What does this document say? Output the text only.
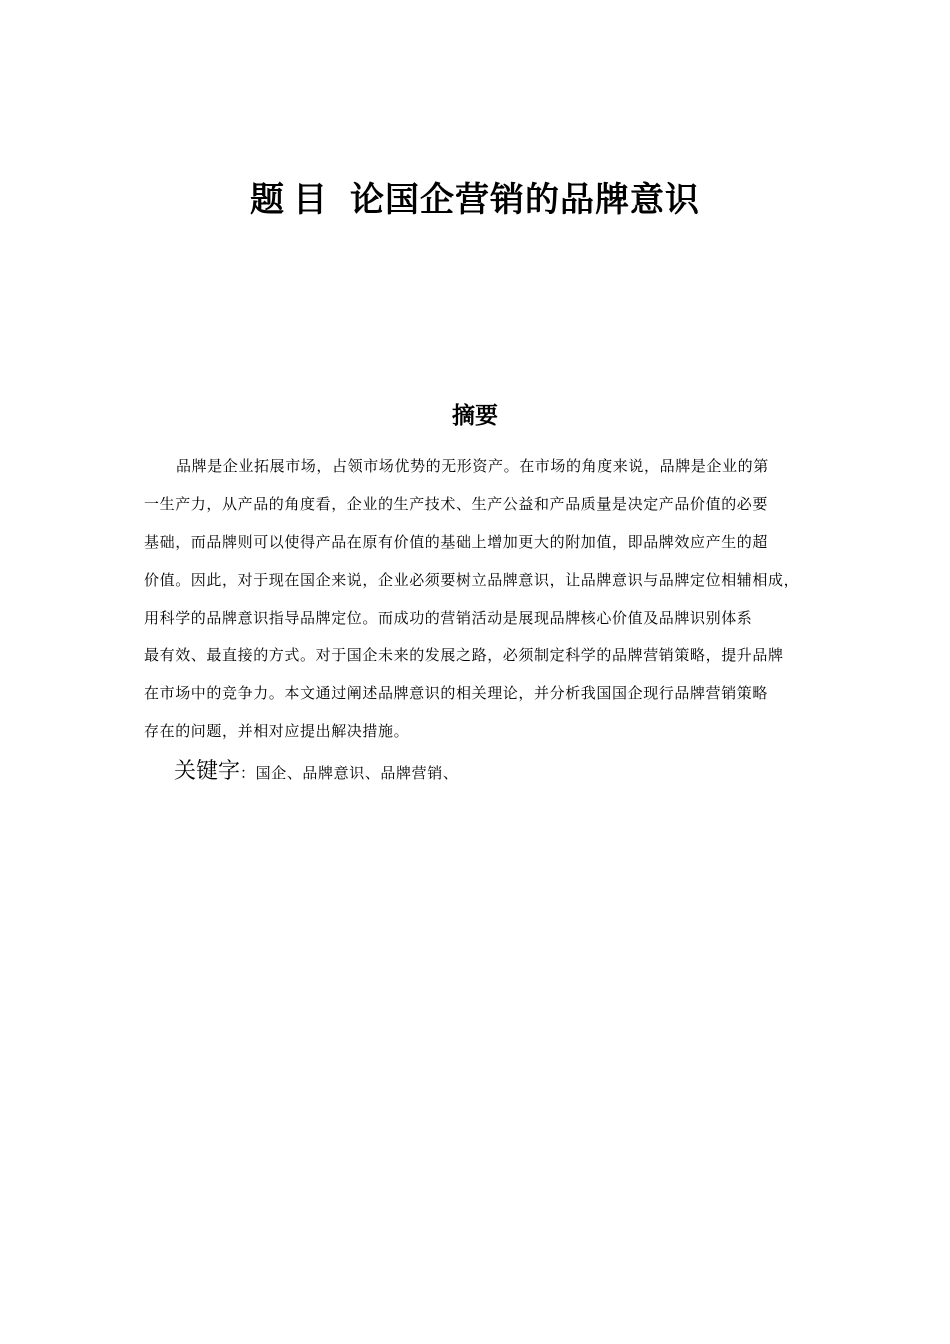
题 目 论国企营销的品牌意识
摘要
品牌是企业拓展市场，占领市场优势的无形资产。在市场的角度来说，品牌是企业的第
一生产力，从产品的角度看，企业的生产技术、生产公益和产品质量是决定产品价值的必要
基础，而品牌则可以使得产品在原有价值的基础上增加更大的附加值，即品牌效应产生的超
价值。因此，对于现在国企来说，企业必须要树立品牌意识，让品牌意识与品牌定位相辅相成，
用科学的品牌意识指导品牌定位。而成功的营销活动是展现品牌核心价值及品牌识别体系
最有效、最直接的方式。对于国企未来的发展之路，必须制定科学的品牌营销策略，提升品牌
在市场中的竞争力。本文通过阐述品牌意识的相关理论，并分析我国国企现行品牌营销策略
存在的问题，并相对应提出解决措施。
关键字：国企、品牌意识、品牌营销、
